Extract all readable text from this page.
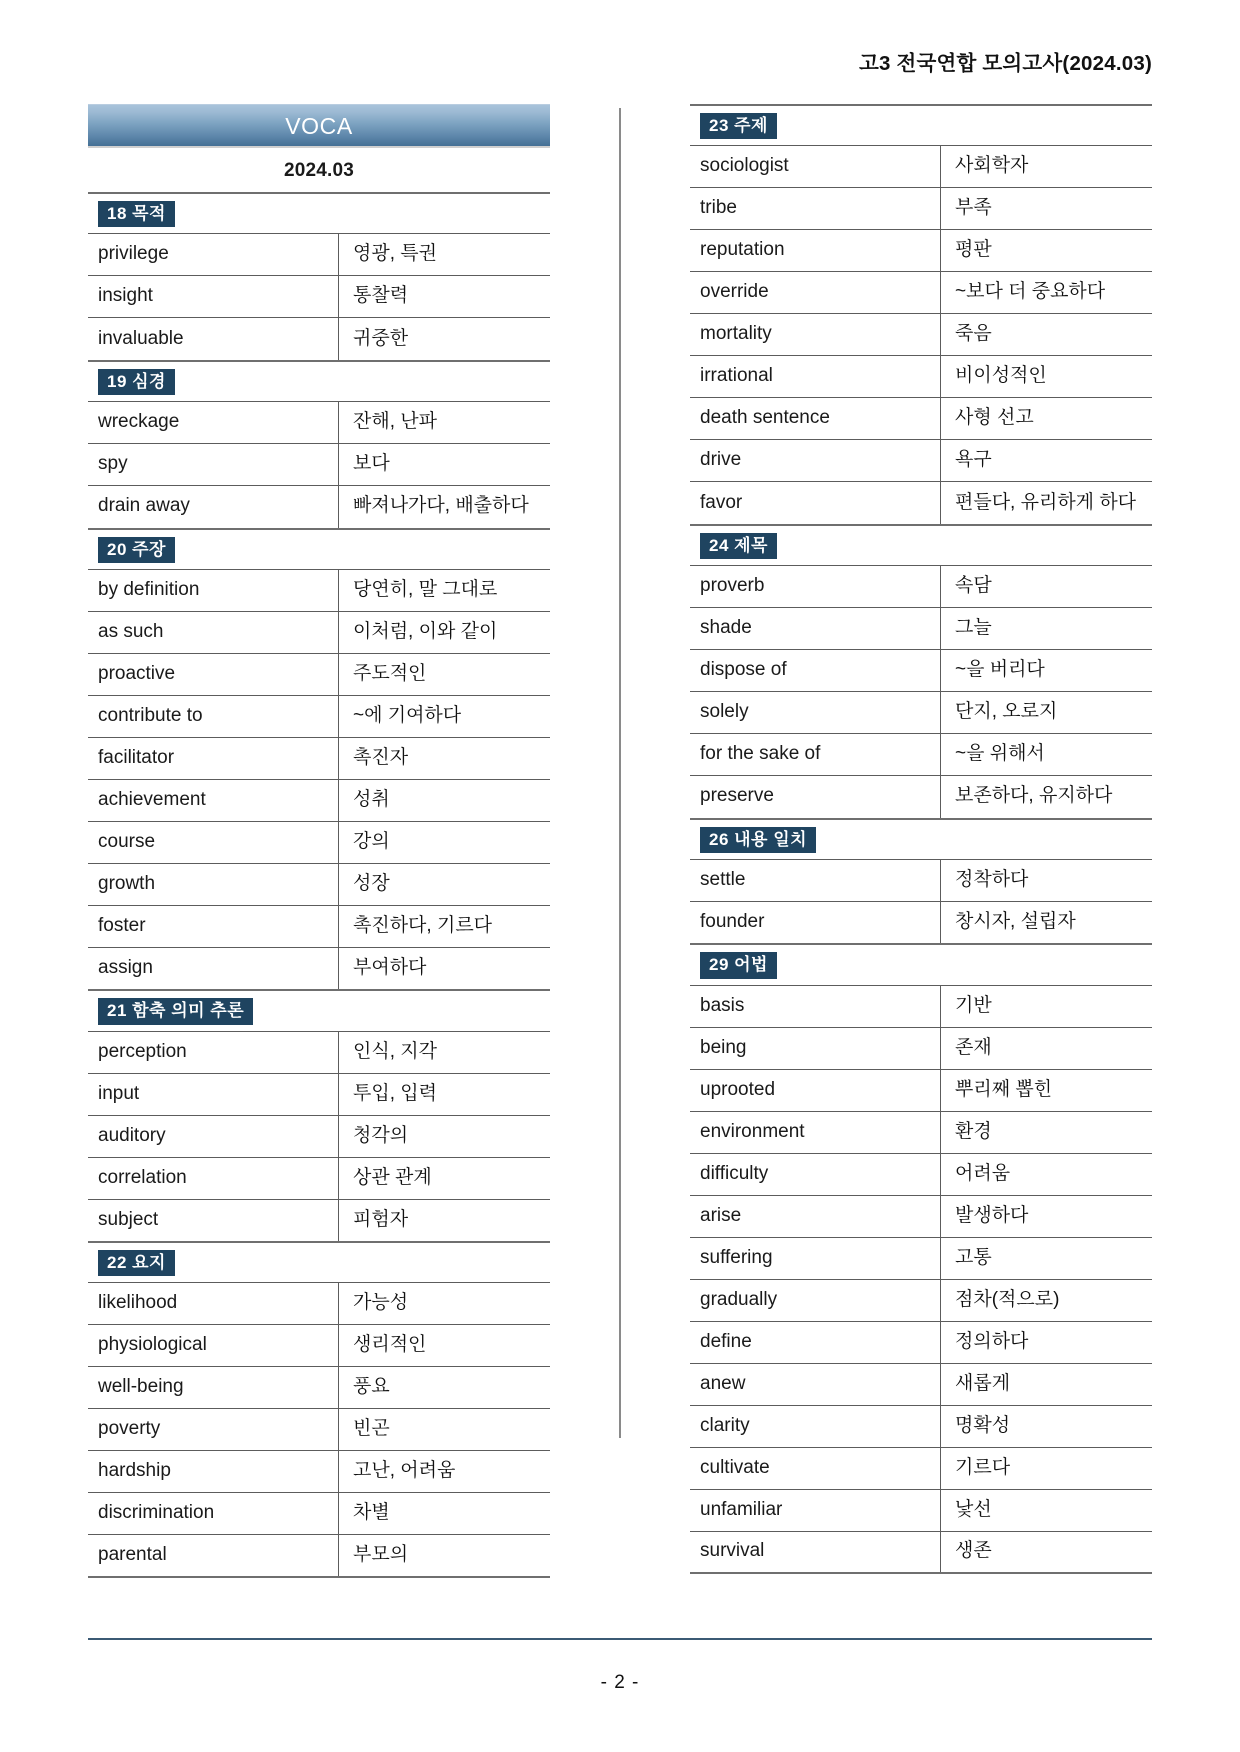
고3 전국연합 모의고사(2024.03)
VOCA
2024.03
18 목적
privilege	영광, 특권
insight	통찰력
invaluable	귀중한
19 심경
wreckage	잔해, 난파
spy	보다
drain away	빠져나가다, 배출하다
20 주장
by definition	당연히, 말 그대로
as such	이처럼, 이와 같이
proactive	주도적인
contribute to	~에 기여하다
facilitator	촉진자
achievement	성취
course	강의
growth	성장
foster	촉진하다, 기르다
assign	부여하다
21 함축 의미 추론
perception	인식, 지각
input	투입, 입력
auditory	청각의
correlation	상관 관계
subject	피험자
22 요지
likelihood	가능성
physiological	생리적인
well-being	풍요
poverty	빈곤
hardship	고난, 어려움
discrimination	차별
parental	부모의
23 주제
sociologist	사회학자
tribe	부족
reputation	평판
override	~보다 더 중요하다
mortality	죽음
irrational	비이성적인
death sentence	사형 선고
drive	욕구
favor	편들다, 유리하게 하다
24 제목
proverb	속담
shade	그늘
dispose of	~을 버리다
solely	단지, 오로지
for the sake of	~을 위해서
preserve	보존하다, 유지하다
26 내용 일치
settle	정착하다
founder	창시자, 설립자
29 어법
basis	기반
being	존재
uprooted	뿌리째 뽑힌
environment	환경
difficulty	어려움
arise	발생하다
suffering	고통
gradually	점차(적으로)
define	정의하다
anew	새롭게
clarity	명확성
cultivate	기르다
unfamiliar	낯선
survival	생존
- 2 -
